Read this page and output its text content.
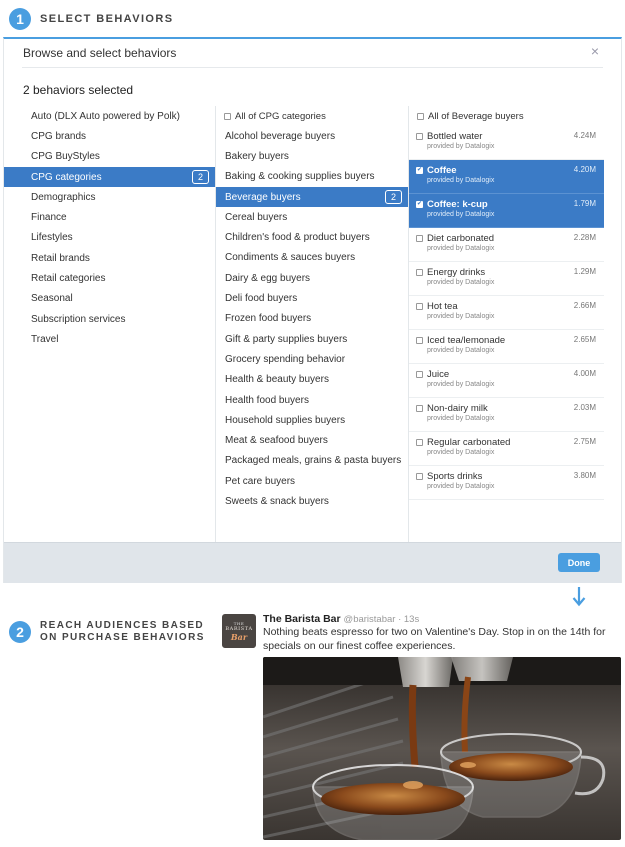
1	SELECT BEHAVIORS
Browse and select behaviors	×
2 behaviors selected
Auto (DLX Auto powered by Polk)
CPG brands
CPG BuyStyles
CPG categories	2
Demographics
Finance
Lifestyles
Retail brands
Retail categories
Seasonal
Subscription services
Travel
All of CPG categories
Alcohol beverage buyers
Bakery buyers
Baking & cooking supplies buyers
Beverage buyers	2
Cereal buyers
Children's food & product buyers
Condiments & sauces buyers
Dairy & egg buyers
Deli food buyers
Frozen food buyers
Gift & party supplies buyers
Grocery spending behavior
Health & beauty buyers
Health food buyers
Household supplies buyers
Meat & seafood buyers
Packaged meals, grains & pasta buyers
Pet care buyers
Sweets & snack buyers
All of Beverage buyers
Bottled water	4.24M
provided by Datalogix
✔ Coffee	4.20M
provided by Datalogix
✔ Coffee: k-cup	1.79M
provided by Datalogix
Diet carbonated	2.28M
provided by Datalogix
Energy drinks	1.29M
provided by Datalogix
Hot tea	2.66M
provided by Datalogix
Iced tea/lemonade	2.65M
provided by Datalogix
Juice	4.00M
provided by Datalogix
Non-dairy milk	2.03M
provided by Datalogix
Regular carbonated	2.75M
provided by Datalogix
Sports drinks	3.80M
provided by Datalogix
Done
2	REACH AUDIENCES BASED
ON PURCHASE BEHAVIORS
THE
BARISTA
Bar
The Barista Bar @baristabar · 13s
Nothing beats espresso for two on Valentine's Day. Stop in on the 14th for specials on our finest coffee experiences.
